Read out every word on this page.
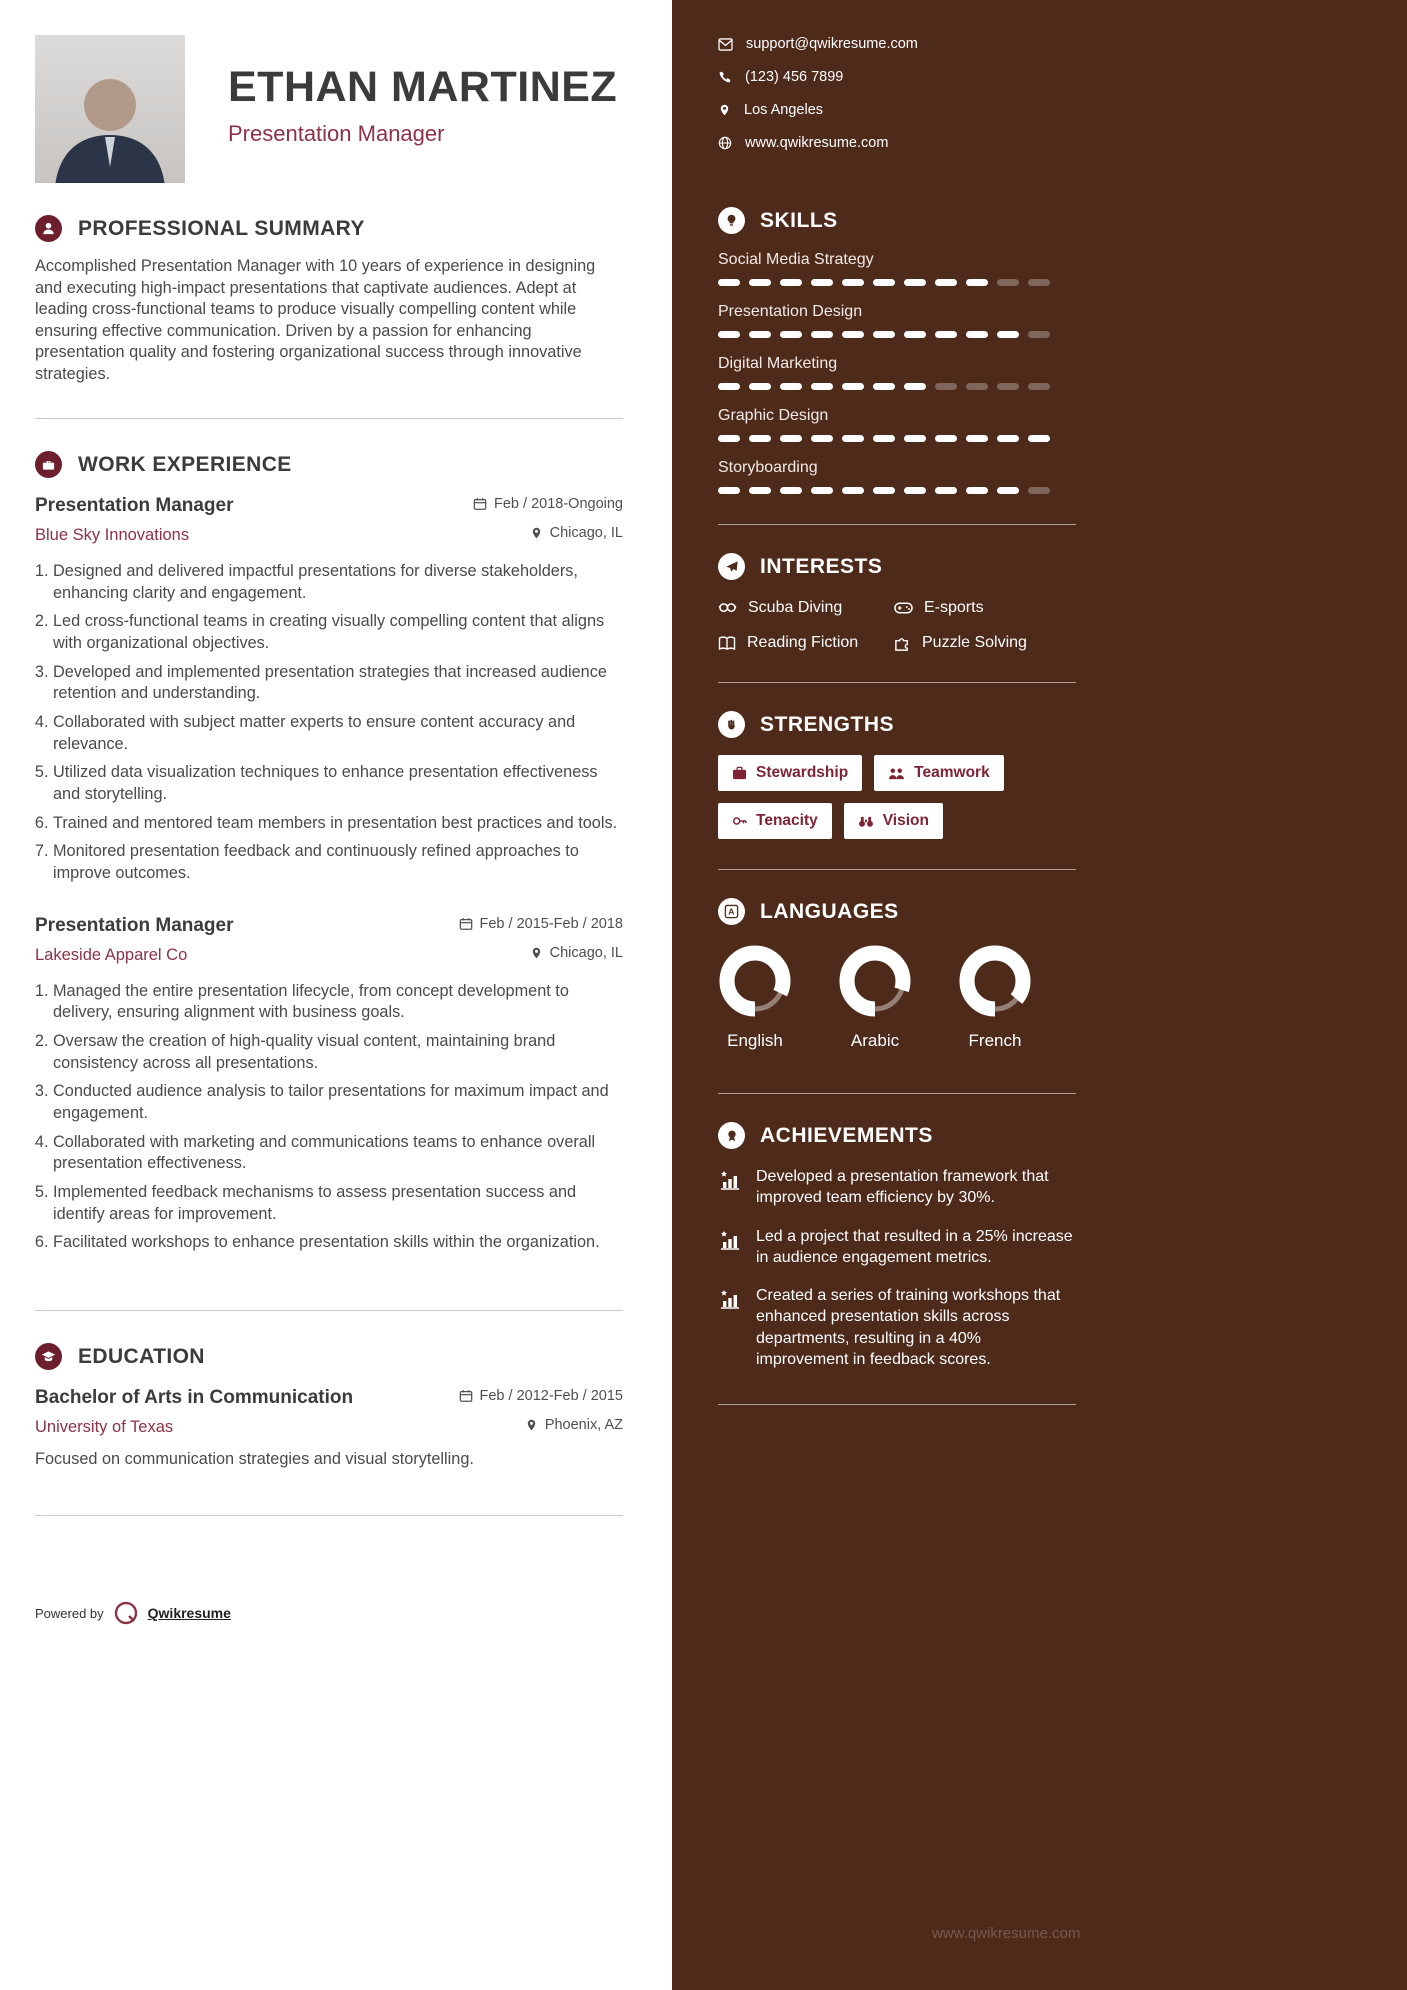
ETHAN MARTINEZ
Presentation Manager
PROFESSIONAL SUMMARY

Accomplished Presentation Manager with 10 years of experience in designing and executing high-impact presentations that captivate audiences. Adept at leading cross-functional teams to produce visually compelling content while ensuring effective communication. Driven by a passion for enhancing presentation quality and fostering organizational success through innovative strategies.

WORK EXPERIENCE
Presentation Manager	Feb / 2018-Ongoing
Blue Sky Innovations	Chicago, IL
1. Designed and delivered impactful presentations for diverse stakeholders, enhancing clarity and engagement.
2. Led cross-functional teams in creating visually compelling content that aligns with organizational objectives.
3. Developed and implemented presentation strategies that increased audience retention and understanding.
4. Collaborated with subject matter experts to ensure content accuracy and relevance.
5. Utilized data visualization techniques to enhance presentation effectiveness and storytelling.
6. Trained and mentored team members in presentation best practices and tools.
7. Monitored presentation feedback and continuously refined approaches to improve outcomes.
Presentation Manager	Feb / 2015-Feb / 2018
Lakeside Apparel Co	Chicago, IL
1. Managed the entire presentation lifecycle, from concept development to delivery, ensuring alignment with business goals.
2. Oversaw the creation of high-quality visual content, maintaining brand consistency across all presentations.
3. Conducted audience analysis to tailor presentations for maximum impact and engagement.
4. Collaborated with marketing and communications teams to enhance overall presentation effectiveness.
5. Implemented feedback mechanisms to assess presentation success and identify areas for improvement.
6. Facilitated workshops to enhance presentation skills within the organization.
EDUCATION
Bachelor of Arts in Communication	Feb / 2012-Feb / 2015
University of Texas	Phoenix, AZ

Focused on communication strategies and visual storytelling.

Powered by	Qwikresume
support@qwikresume.com
(123) 456 7899
Los Angeles
www.qwikresume.com
SKILLS
Social Media Strategy
Presentation Design
Digital Marketing
Graphic Design
Storyboarding
INTERESTS
Scuba Diving	E-sports
Reading Fiction	Puzzle Solving
STRENGTHS
Stewardship	Teamwork
Tenacity	Vision
A LANGUAGES
English	Arabic	French
ACHIEVEMENTS
Developed a presentation framework that improved team efficiency by 30%.
Led a project that resulted in a 25% increase in audience engagement metrics.
Created a series of training workshops that enhanced presentation skills across departments, resulting in a 40% improvement in feedback scores.
www.qwikresume.com
